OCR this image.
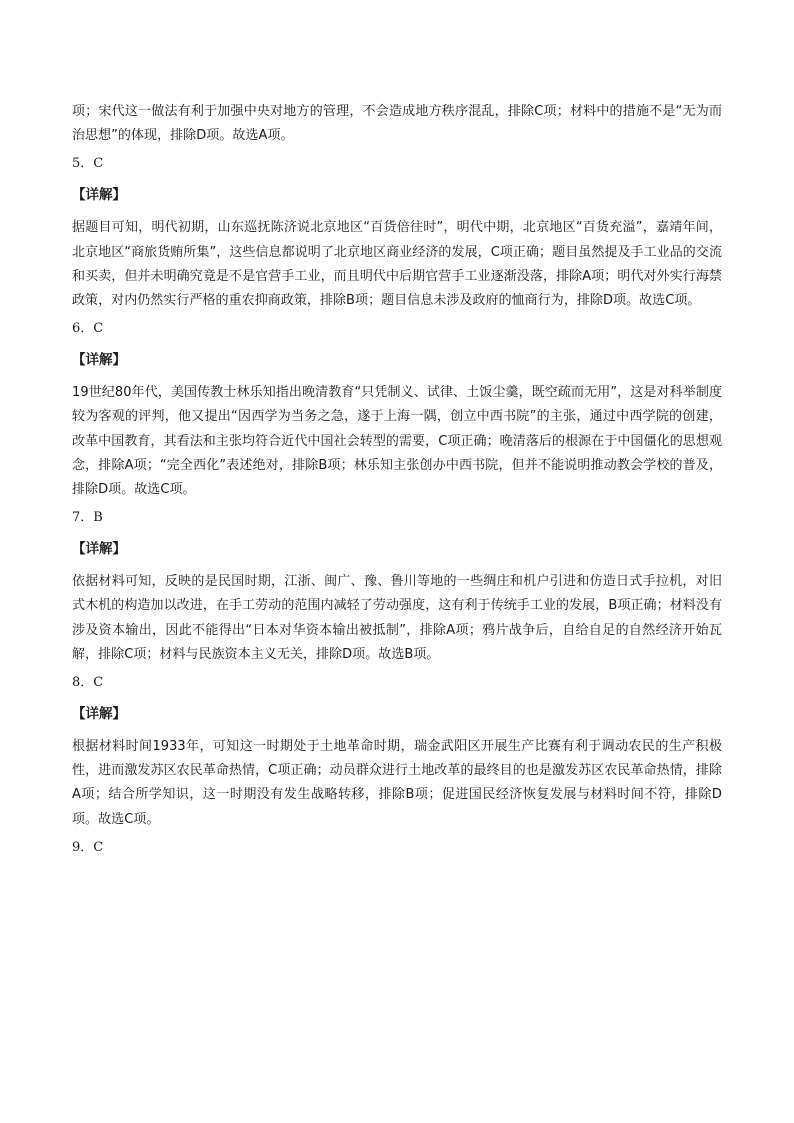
项；宋代这一做法有利于加强中央对地方的管理，不会造成地方秩序混乱，排除C项；材料中的措施不是“无为而治思想”的体现，排除D项。故选A项。

5．C

【详解】

据题目可知，明代初期，山东巡抚陈济说北京地区“百货倍往时”，明代中期，北京地区“百货充溢”，嘉靖年间，北京地区“商旅货贿所集”，这些信息都说明了北京地区商业经济的发展，C项正确；题目虽然提及手工业品的交流和买卖，但并未明确究竟是不是官营手工业，而且明代中后期官营手工业逐渐没落，排除A项；明代对外实行海禁政策，对内仍然实行严格的重农抑商政策，排除B项；题目信息未涉及政府的恤商行为，排除D项。故选C项。

6．C

【详解】

19世纪80年代，美国传教士林乐知指出晚清教育“只凭制义、试律、土饭尘羹，既空疏而无用”，这是对科举制度较为客观的评判，他又提出“因西学为当务之急，遂于上海一隅，创立中西书院”的主张，通过中西学院的创建，改革中国教育，其看法和主张均符合近代中国社会转型的需要，C项正确；晚清落后的根源在于中国僵化的思想观念，排除A项；“完全西化”表述绝对，排除B项；林乐知主张创办中西书院，但并不能说明推动教会学校的普及，排除D项。故选C项。

7．B

【详解】

依据材料可知，反映的是民国时期，江浙、闽广、豫、鲁川等地的一些绸庄和机户引进和仿造日式手拉机，对旧式木机的构造加以改进，在手工劳动的范围内减轻了劳动强度，这有利于传统手工业的发展，B项正确；材料没有涉及资本输出，因此不能得出“日本对华资本输出被抵制”，排除A项；鸦片战争后，自给自足的自然经济开始瓦解，排除C项；材料与民族资本主义无关，排除D项。故选B项。

8．C

【详解】

根据材料时间1933年，可知这一时期处于土地革命时期，瑞金武阳区开展生产比赛有利于调动农民的生产积极性，进而激发苏区农民革命热情，C项正确；动员群众进行土地改革的最终目的也是激发苏区农民革命热情，排除A项；结合所学知识，这一时期没有发生战略转移，排除B项；促进国民经济恢复发展与材料时间不符，排除D项。故选C项。

9．C
